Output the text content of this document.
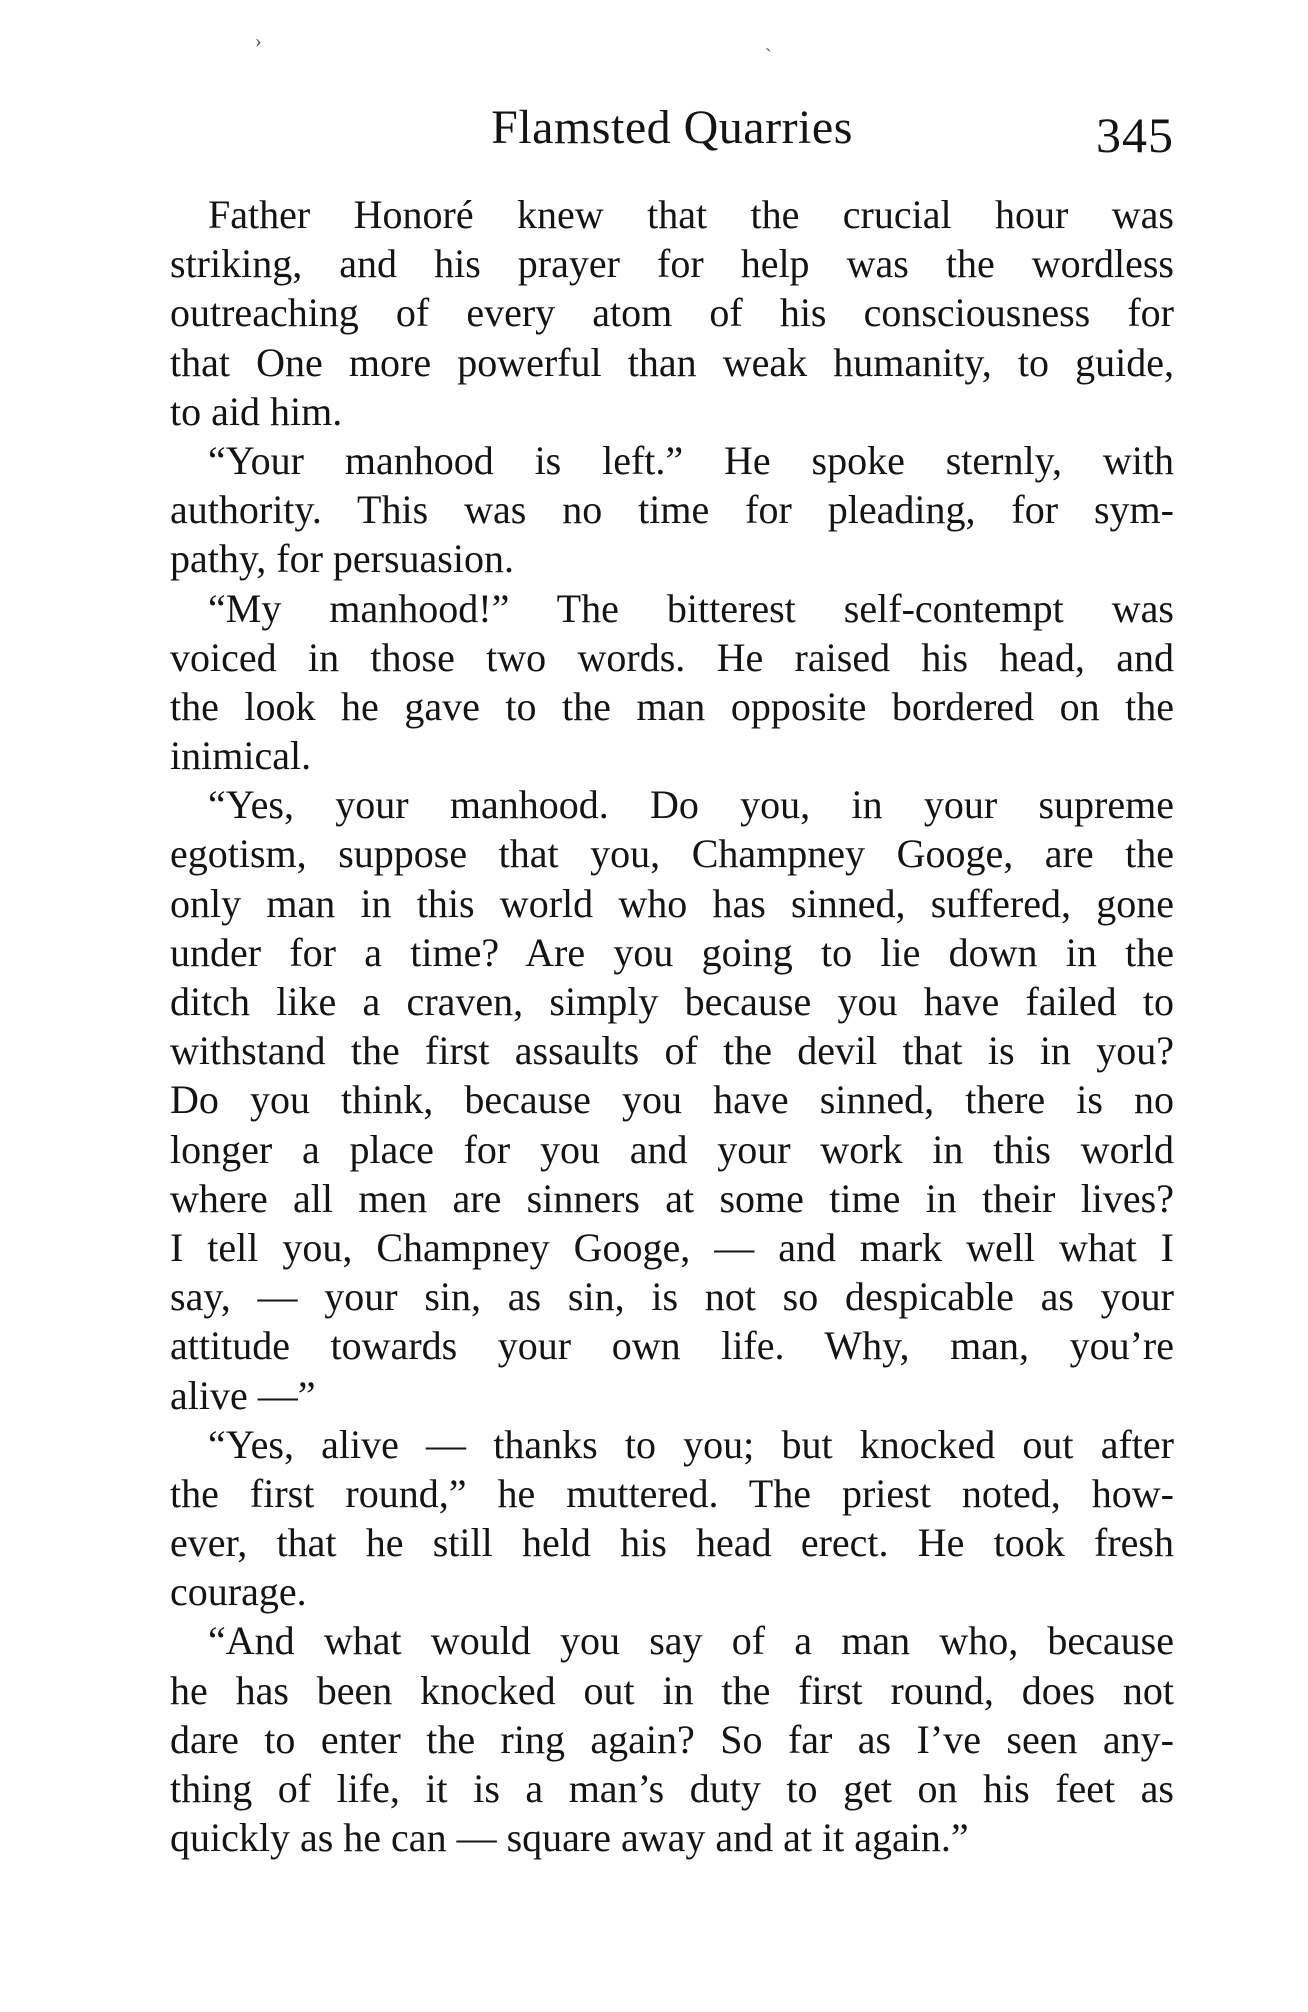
›	ˎ
Flamsted Quarries	345
Father Honoré knew that the crucial hour was
striking, and his prayer for help was the wordless
outreaching of every atom of his consciousness for
that One more powerful than weak humanity, to guide,
to aid him.
“Your manhood is left.” He spoke sternly, with
authority. This was no time for pleading, for sym-
pathy, for persuasion.
“My manhood!” The bitterest self-contempt was
voiced in those two words. He raised his head, and
the look he gave to the man opposite bordered on the
inimical.
“Yes, your manhood. Do you, in your supreme
egotism, suppose that you, Champney Googe, are the
only man in this world who has sinned, suffered, gone
under for a time? Are you going to lie down in the
ditch like a craven, simply because you have failed to
withstand the first assaults of the devil that is in you?
Do you think, because you have sinned, there is no
longer a place for you and your work in this world
where all men are sinners at some time in their lives?
I tell you, Champney Googe, — and mark well what I
say, — your sin, as sin, is not so despicable as your
attitude towards your own life. Why, man, you’re
alive —”
“Yes, alive — thanks to you; but knocked out after
the first round,” he muttered. The priest noted, how-
ever, that he still held his head erect. He took fresh
courage.
“And what would you say of a man who, because
he has been knocked out in the first round, does not
dare to enter the ring again? So far as I’ve seen any-
thing of life, it is a man’s duty to get on his feet as
quickly as he can — square away and at it again.”
